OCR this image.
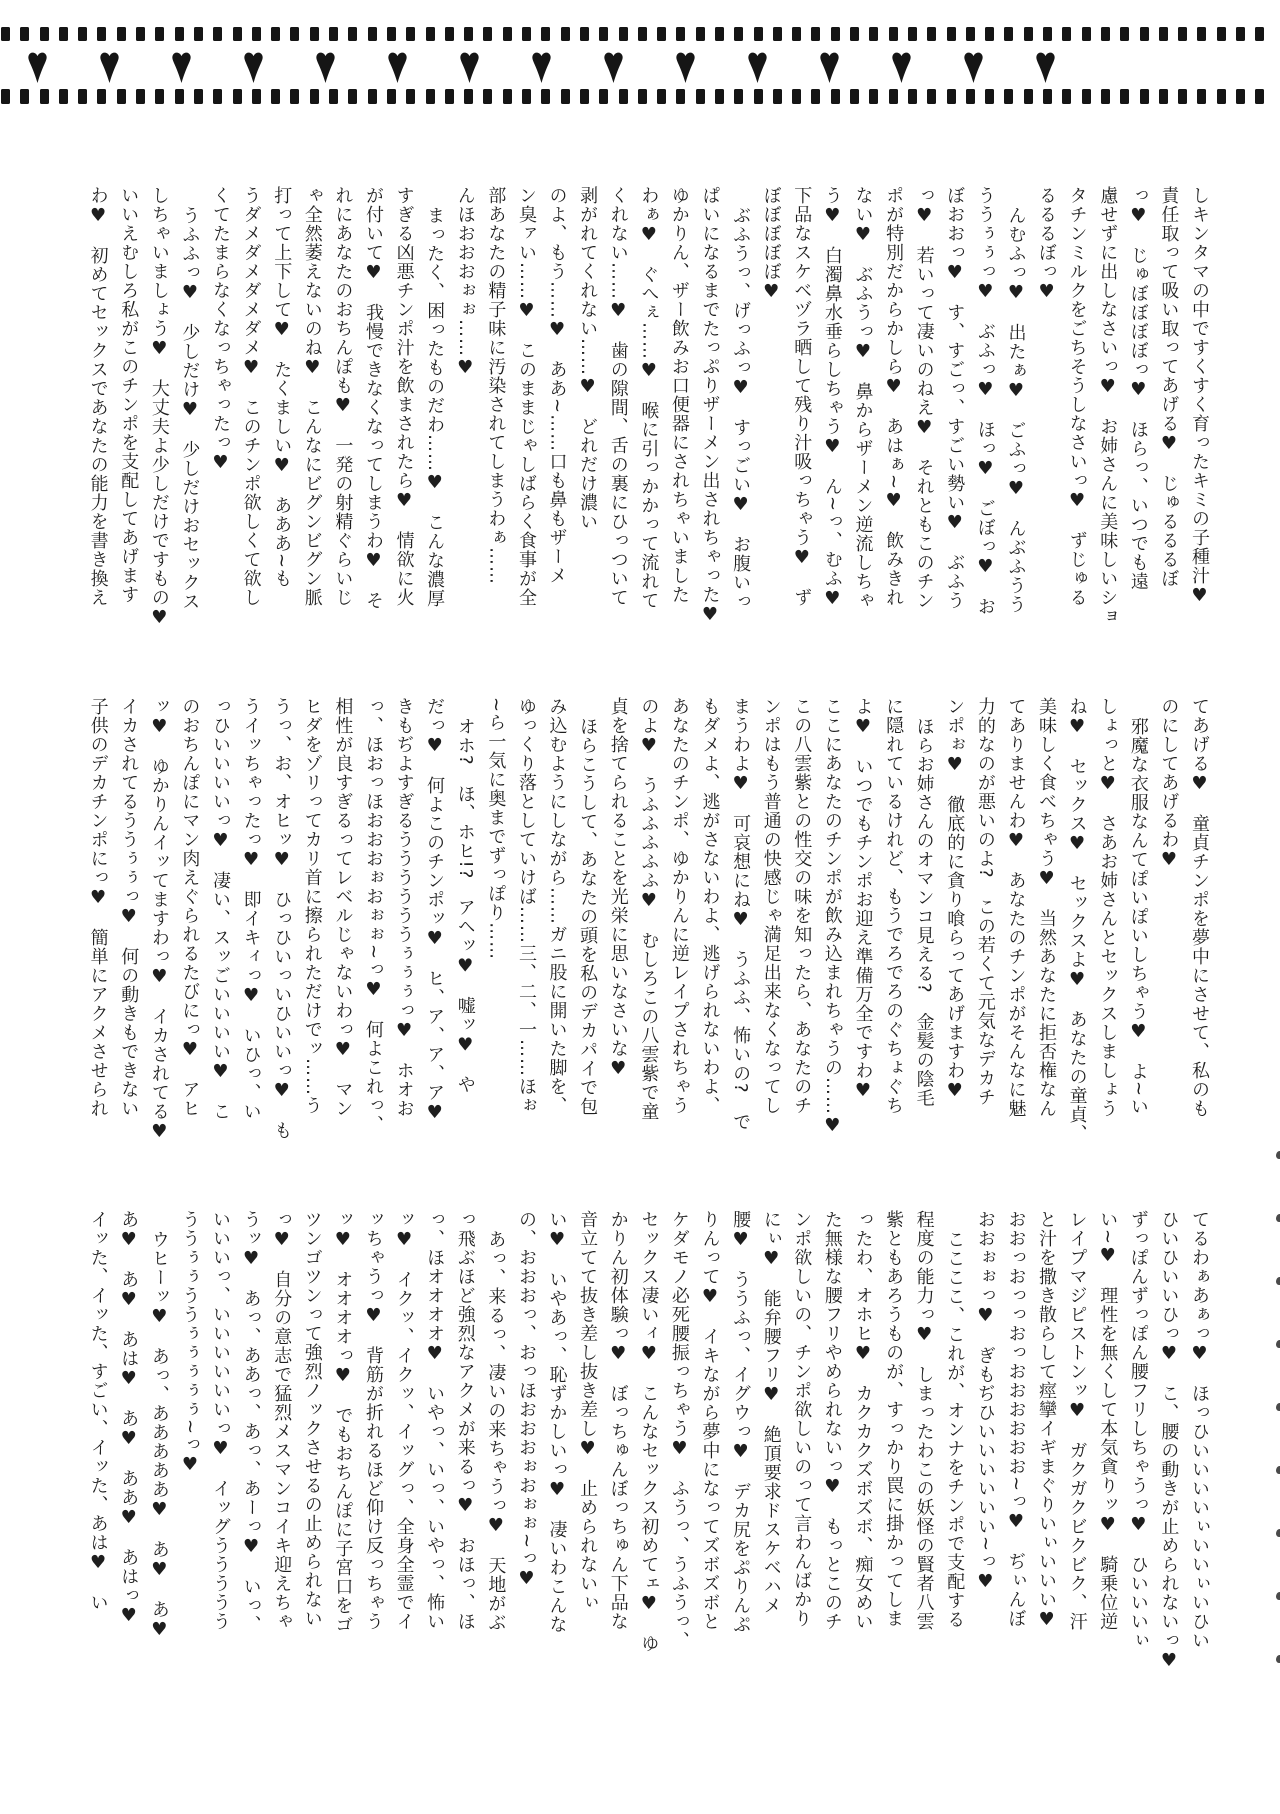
しキンタマの中ですくすく育ったキミの子種汁♥
責任取って吸い取ってあげる♥　じゅるるるぼ
っ♥　じゅぼぼぼぼっ♥　ほらっ、いつでも遠
慮せずに出しなさいっ♥　お姉さんに美味しいショ
タチンミルクをごちそうしなさいっ♥　ずじゅる
るるるぼっ♥
んむふっ♥　出たぁ♥　ごふっ♥　んぶふうう
ううぅぅっ♥　ぶふっ♥　ほっ♥　ごぼっ♥　お
ぼおおっ♥　す、すごっ、すごい勢い♥　ぶふう
っ♥　若いって凄いのねえ♥　それともこのチン
ポが特別だからかしら♥　あはぁ~♥　飲みきれ
ない♥　ぶふうっ♥　鼻からザーメン逆流しちゃ
う♥　白濁鼻水垂らしちゃう♥　ん~っ、むふ♥
下品なスケベヅラ晒して残り汁吸っちゃう♥　ず
ぼぼぼぼぼ♥
ぶふうっ、げっふっ♥　すっごい♥　お腹いっ
ぱいになるまでたっぷりザーメン出されちゃった♥
ゆかりん、ザー飲みお口便器にされちゃいました
わぁ♥　ぐへぇ……♥　喉に引っかかって流れて
くれない……♥　歯の隙間、舌の裏にひっついて
剥がれてくれない……♥　どれだけ濃い
のよ、もう……♥　ああ~……口も鼻もザーメ
ン臭ァい……♥　このままじゃしばらく食事が全
部あなたの精子味に汚染されてしまうわぁ……
んほおおおぉぉ……♥
まったく、困ったものだわ……♥　こんな濃厚
すぎる凶悪チンポ汁を飲まされたら♥　情欲に火
が付いて♥　我慢できなくなってしまうわ♥　そ
れにあなたのおちんぽも♥　一発の射精ぐらいじ
ゃ全然萎えないのね♥　こんなにビグンビグン脈
打って上下して♥　たくましい♥　あああ~も
うダメダメダメダメ♥　このチンポ欲しくて欲し
くてたまらなくなっちゃったっ♥
うふふっ♥　少しだけ♥　少しだけおセックス
しちゃいましょう♥　大丈夫よ少しだけですもの♥
いいえむしろ私がこのチンポを支配してあげます
わ♥　初めてセックスであなたの能力を書き換え
てあげる♥　童貞チンポを夢中にさせて、私のも
のにしてあげるわ♥
邪魔な衣服なんてぽいぽいしちゃう♥　よ~い
しょっと♥　さあお姉さんとセックスしましょう
ね♥　セックス♥　セックスよ♥　あなたの童貞、
美味しく食べちゃう♥　当然あなたに拒否権なん
てありませんわ♥　あなたのチンポがそんなに魅
力的なのが悪いのよ?　この若くて元気なデカチ
ンポぉ♥　徹底的に貪り喰らってあげますわ♥
ほらお姉さんのオマンコ見える?　金髪の陰毛
に隠れているけれど、もうでろでろのぐちょぐち
よ♥　いつでもチンポお迎え準備万全ですわ♥
ここにあなたのチンポが飲み込まれちゃうの……♥
この八雲紫との性交の味を知ったら、あなたのチ
ンポはもう普通の快感じゃ満足出来なくなってし
まうわよ♥　可哀想にね♥　うふふ、怖いの?　で
もダメよ、逃がさないわよ、逃げられないわよ、
あなたのチンポ、ゆかりんに逆レイプされちゃう
のよ♥　うふふふふふ♥　むしろこの八雲紫で童
貞を捨てられることを光栄に思いなさいな♥
ほらこうして、あなたの頭を私のデカパイで包
み込むようにしながら……ガニ股に開いた脚を、
ゆっくり落としていけば……三、二、一……ほぉ
~ら一気に奥までずっぽり……
オホ?　ほ、ホヒ!?　アヘッ♥　嘘ッ♥　や
だっ♥　何よこのチンポッ♥　ヒ、ア、ア、ア♥
きもぢよすぎるううううううぅぅぅっ♥　ホオお
っ、ほおっほおおおぉおぉぉ~っ♥　何よこれっ、
相性が良すぎるってレベルじゃないわっ♥　マン
ヒダをゾリってカリ首に擦られただけでッ……う
うっ、お、オヒッ♥　ひっひいっいひいいっ♥　も
うイッちゃったっ♥　即イキィっ♥　いひっ、い
っひいいいいっ♥　凄い、スッごいいいい♥　こ
のおちんぽにマン肉えぐられるたびにっ♥　アヒ
ッ♥　ゆかりんイッてますわっ♥　イカされてる♥
イカされてるううぅぅっ♥　何の動きもできない
子供のデカチンポにっ♥　簡単にアクメさせられ
てるわぁあぁっ♥　ほっひいいいいぃいいぃいひい
ひいひいいひっ♥　こ、腰の動きが止められないっ♥
ずっぽんずっぽん腰フリしちゃうっ♥　ひいいいぃ
い~♥　理性を無くして本気貪りッ♥　騎乗位逆
レイプマジピストンッ♥　ガクガクビクビク、汗
と汁を撒き散らして痙攣イギまぐりいぃいいい♥
おおっおっっおっおおおおおお~っ♥　ぢぃんぼ
おおぉぉっ♥　ぎもぢひいいいいいい~っ♥
ここここ、これが、オンナをチンポで支配する
程度の能力っ♥　しまったわこの妖怪の賢者八雲
紫ともあろうものが、すっかり罠に掛かってしま
ったわ、オホヒ♥　カクカクズボズボ、痴女めい
た無様な腰フリやめられないっ♥　もっとこのチ
ンポ欲しいの、チンポ欲しいのって言わんばかり
にぃ♥　能弁腰フリ♥　絶頂要求ドスケベハメ
腰♥　ううふっ、イグウっ♥　デカ尻をぷりんぷ
りんって♥　イキながら夢中になってズボズボと
ケダモノ必死腰振っちゃう♥　ふうっ、うふうっ、
セックス凄いィ♥　こんなセックス初めてェ♥　ゆ
かりん初体験っ♥　ぼっちゅんぼっちゅん下品な
音立てて抜き差し抜き差し♥　止められないぃ
い♥　いやあっ、恥ずかしいっ♥　凄いわこんな
の、おおおっ、おっほおおおぉおぉぉ~っ♥
あっ、来るっ、凄いの来ちゃうっ♥　天地がぶ
っ飛ぶほど強烈なアクメが来るっ♥　おほっ、ほ
っ、ほオオオオ♥　いやっ、いっ、いやっ、怖い
ッ♥　イクッ、イクッ、イッグっ、全身全霊でイ
ッちゃうっ♥　背筋が折れるほど仰け反っちゃう
ッ♥　オオオオっ♥　でもおちんぽに子宮口をゴ
ツンゴツンって強烈ノックさせるの止められない
っ♥　自分の意志で猛烈メスマンコイキ迎えちゃ
うッ♥　あっ、ああっ、あっ、あーっ♥　いっ、
いいいっ、いいいいいいっ♥　イッグううううう
ううぅぅううぅぅぅぅぅ~っ♥
ウヒーッ♥　あっ、あああああ♥　あ♥　あ♥
あ♥　あ♥　あは♥　あ♥　ああ♥　あはっ♥
イッた、イッた、すごい、イッた、あは♥　い
